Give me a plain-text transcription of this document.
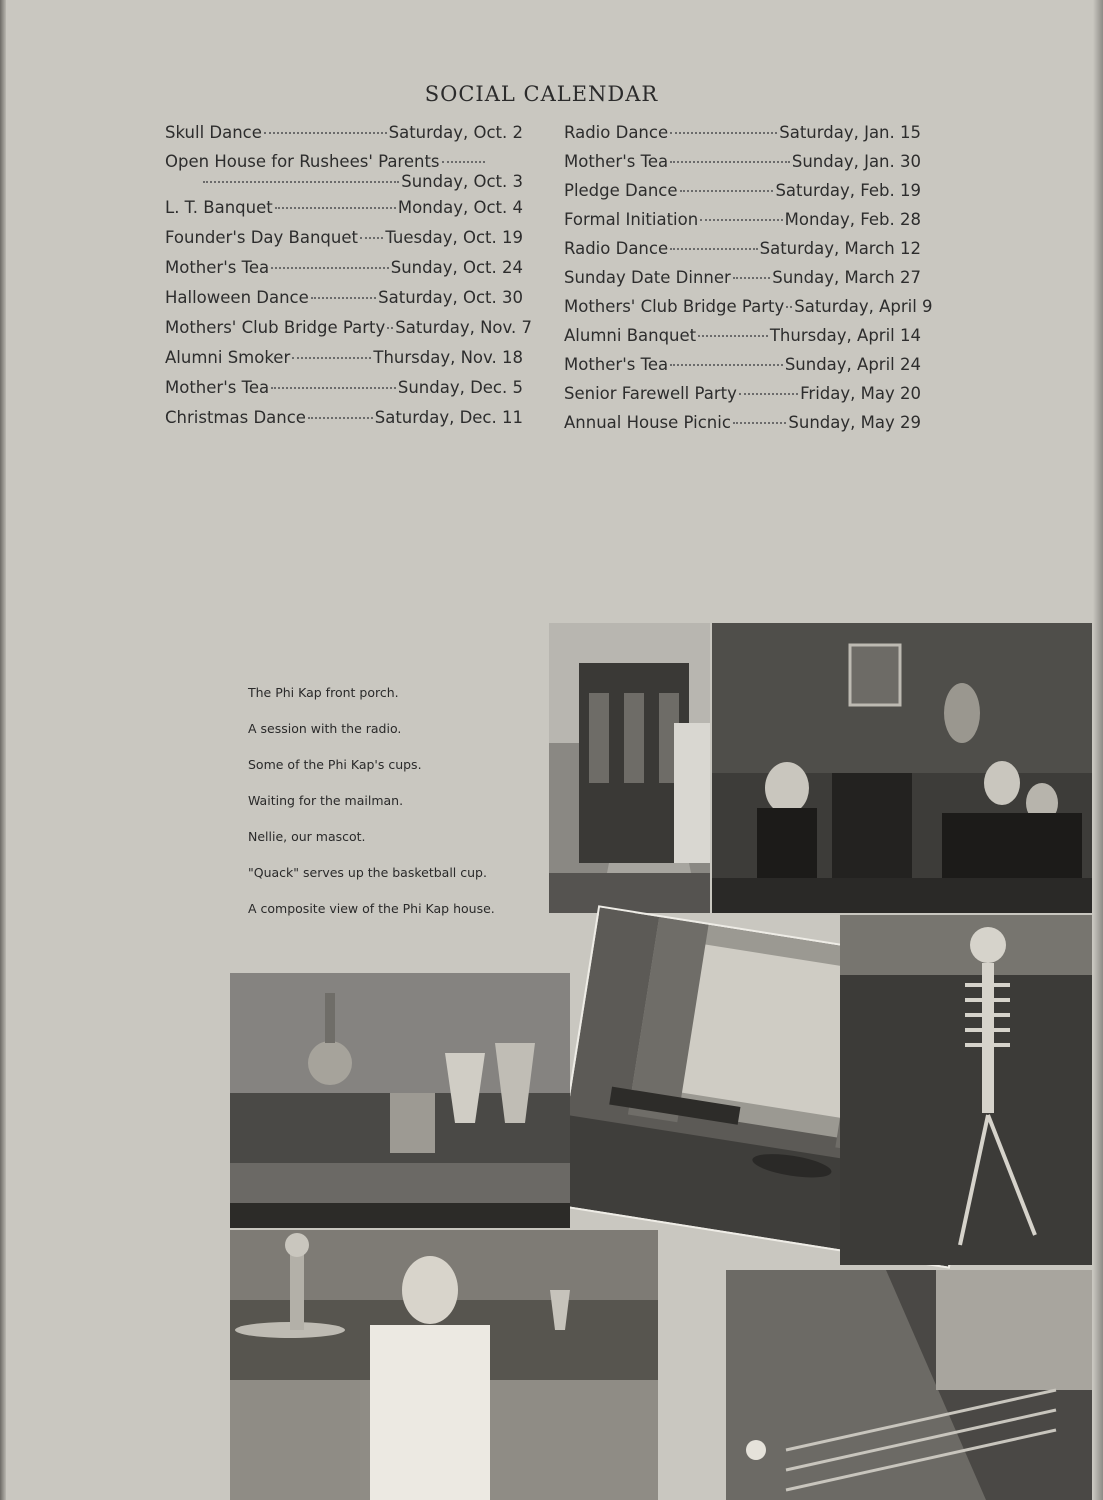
SOCIAL CALENDAR
Skull Dance	Saturday, Oct. 2
Open House for Rushees' Parents
Sunday, Oct. 3
L. T. Banquet	Monday, Oct. 4
Founder's Day Banquet Tuesday, Oct. 19
Mother's Tea	Sunday, Oct. 24
Halloween Dance	Saturday, Oct. 30
Mothers' Club Bridge Party Saturday, Nov. 7
Alumni Smoker	Thursday, Nov. 18
Mother's Tea	Sunday, Dec. 5
Christmas Dance	Saturday, Dec. 11
Radio Dance	Saturday, Jan. 15
Mother's Tea	Sunday, Jan. 30
Pledge Dance	Saturday, Feb. 19
Formal Initiation	Monday, Feb. 28
Radio Dance	Saturday, March 12
Sunday Date Dinner	Sunday, March 27
Mothers' Club Bridge Party Saturday, April 9
Alumni Banquet	Thursday, April 14
Mother's Tea	Sunday, April 24
Senior Farewell Party	Friday, May 20
Annual House Picnic	Sunday, May 29
The Phi Kap front porch.
A session with the radio.
Some of the Phi Kap's cups.
Waiting for the mailman.
Nellie, our mascot.
"Quack" serves up the basketball cup.
A composite view of the Phi Kap house.
